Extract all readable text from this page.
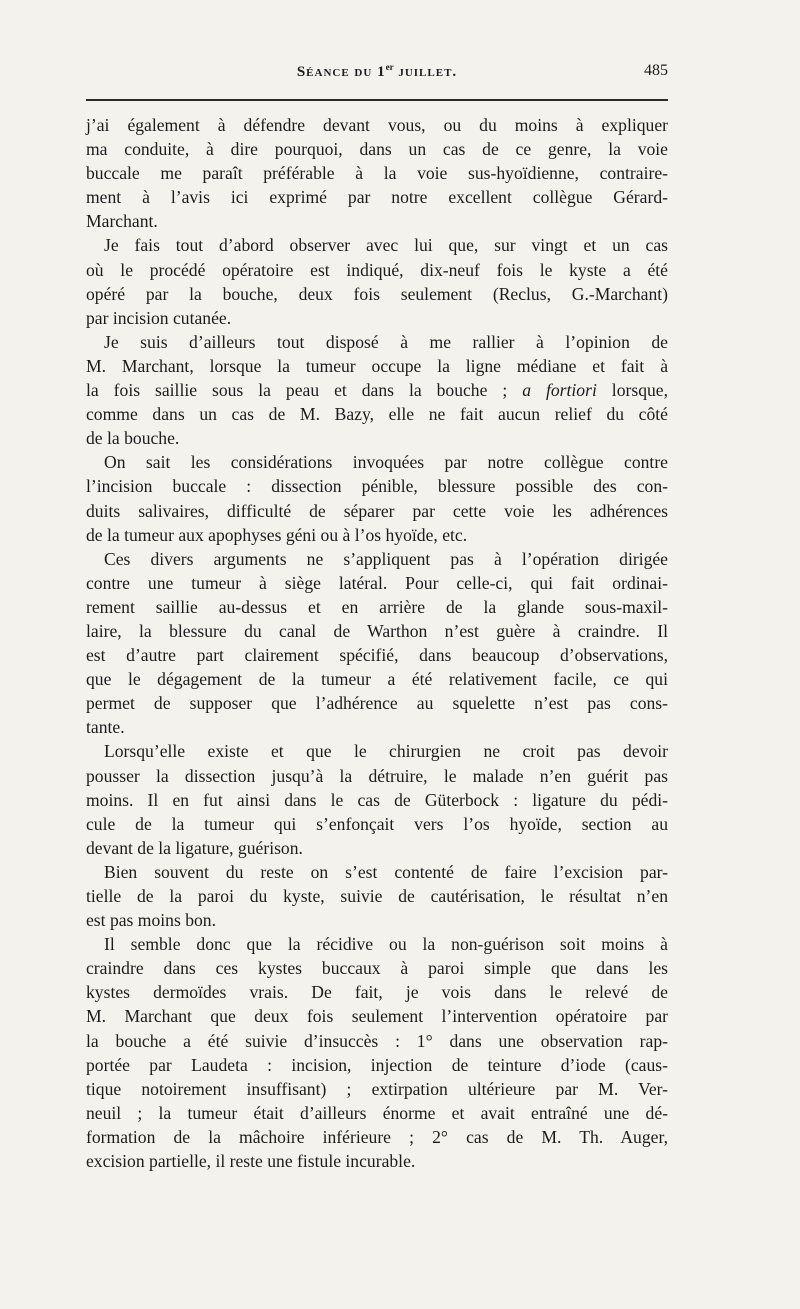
Séance du 1er juillet.	485
j’ai également à défendre devant vous, ou du moins à expliquer
ma conduite, à dire pourquoi, dans un cas de ce genre, la voie
buccale me paraît préférable à la voie sus-hyoïdienne, contraire-
ment à l’avis ici exprimé par notre excellent collègue Gérard-
Marchant.
Je fais tout d’abord observer avec lui que, sur vingt et un cas
où le procédé opératoire est indiqué, dix-neuf fois le kyste a été
opéré par la bouche, deux fois seulement (Reclus, G.-Marchant)
par incision cutanée.
Je suis d’ailleurs tout disposé à me rallier à l’opinion de
M. Marchant, lorsque la tumeur occupe la ligne médiane et fait à
la fois saillie sous la peau et dans la bouche ; a fortiori lorsque,
comme dans un cas de M. Bazy, elle ne fait aucun relief du côté
de la bouche.
On sait les considérations invoquées par notre collègue contre
l’incision buccale : dissection pénible, blessure possible des con-
duits salivaires, difficulté de séparer par cette voie les adhérences
de la tumeur aux apophyses géni ou à l’os hyoïde, etc.
Ces divers arguments ne s’appliquent pas à l’opération dirigée
contre une tumeur à siège latéral. Pour celle-ci, qui fait ordinai-
rement saillie au-dessus et en arrière de la glande sous-maxil-
laire, la blessure du canal de Warthon n’est guère à craindre. Il
est d’autre part clairement spécifié, dans beaucoup d’observations,
que le dégagement de la tumeur a été relativement facile, ce qui
permet de supposer que l’adhérence au squelette n’est pas cons-
tante.
Lorsqu’elle existe et que le chirurgien ne croit pas devoir
pousser la dissection jusqu’à la détruire, le malade n’en guérit pas
moins. Il en fut ainsi dans le cas de Güterbock : ligature du pédi-
cule de la tumeur qui s’enfonçait vers l’os hyoïde, section au
devant de la ligature, guérison.
Bien souvent du reste on s’est contenté de faire l’excision par-
tielle de la paroi du kyste, suivie de cautérisation, le résultat n’en
est pas moins bon.
Il semble donc que la récidive ou la non-guérison soit moins à
craindre dans ces kystes buccaux à paroi simple que dans les
kystes dermoïdes vrais. De fait, je vois dans le relevé de
M. Marchant que deux fois seulement l’intervention opératoire par
la bouche a été suivie d’insuccès : 1° dans une observation rap-
portée par Laudeta : incision, injection de teinture d’iode (caus-
tique notoirement insuffisant) ; extirpation ultérieure par M. Ver-
neuil ; la tumeur était d’ailleurs énorme et avait entraîné une dé-
formation de la mâchoire inférieure ; 2° cas de M. Th. Auger,
excision partielle, il reste une fistule incurable.
